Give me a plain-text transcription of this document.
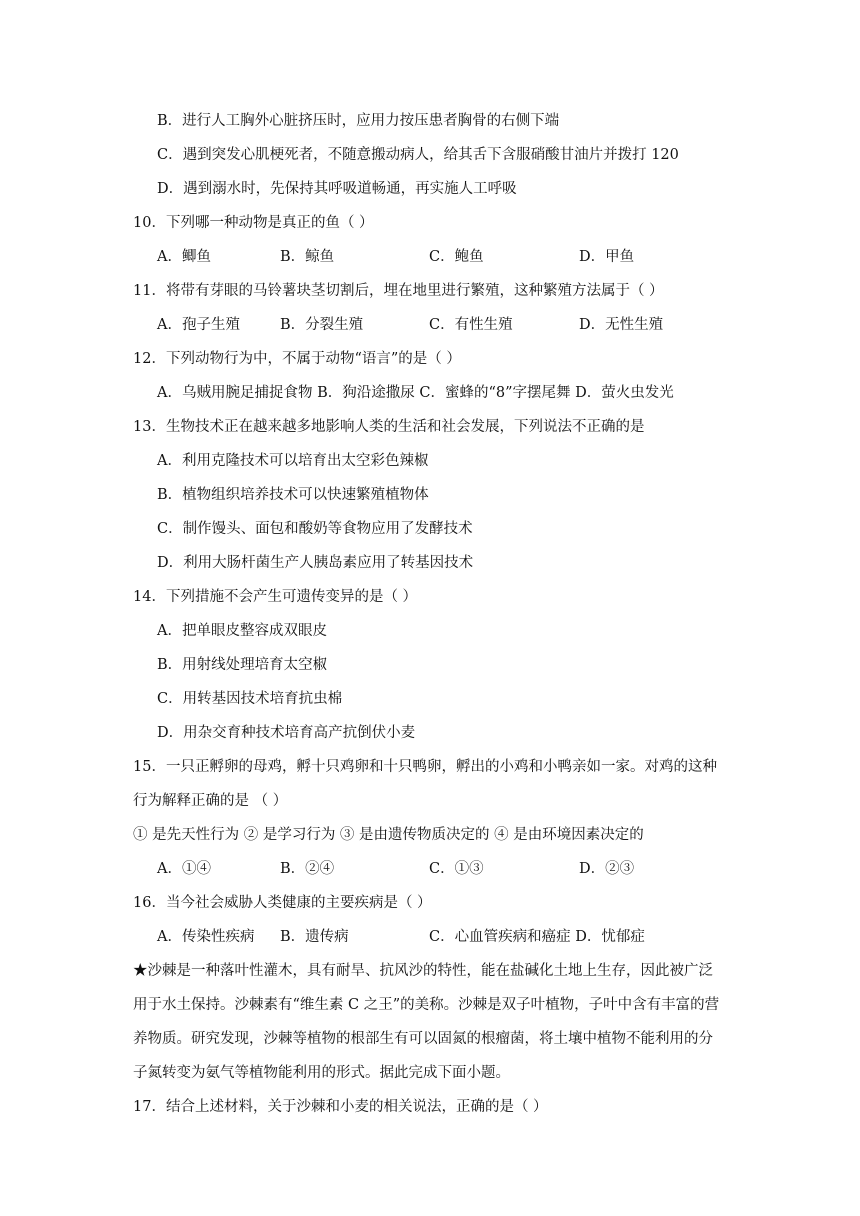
B．进行人工胸外心脏挤压时，应用力按压患者胸骨的右侧下端
C．遇到突发心肌梗死者，不随意搬动病人，给其舌下含服硝酸甘油片并拨打 120
D．遇到溺水时，先保持其呼吸道畅通，再实施人工呼吸
10．下列哪一种动物是真正的鱼（ ）
A．鲫鱼	B．鲸鱼	C．鲍鱼	D．甲鱼
11．将带有芽眼的马铃薯块茎切割后，埋在地里进行繁殖，这种繁殖方法属于（ ）
A．孢子生殖	B．分裂生殖	C．有性生殖	D．无性生殖
12．下列动物行为中，不属于动物“语言”的是（ ）
A．乌贼用腕足捕捉食物 B．狗沿途撒尿 C．蜜蜂的“8”字摆尾舞 D．萤火虫发光
13．生物技术正在越来越多地影响人类的生活和社会发展，下列说法不正确的是
A．利用克隆技术可以培育出太空彩色辣椒
B．植物组织培养技术可以快速繁殖植物体
C．制作馒头、面包和酸奶等食物应用了发酵技术
D．利用大肠杆菌生产人胰岛素应用了转基因技术
14．下列措施不会产生可遗传变异的是（ ）
A．把单眼皮整容成双眼皮
B．用射线处理培育太空椒
C．用转基因技术培育抗虫棉
D．用杂交育种技术培育高产抗倒伏小麦
15．一只正孵卵的母鸡，孵十只鸡卵和十只鸭卵，孵出的小鸡和小鸭亲如一家。对鸡的这种
行为解释正确的是 （ ）
① 是先天性行为 ② 是学习行为 ③ 是由遗传物质决定的 ④ 是由环境因素决定的
A．①④	B．②④	C．①③	D．②③
16．当今社会威胁人类健康的主要疾病是（ ）
A．传染性疾病 B．遗传病	C．心血管疾病和癌症 D．忧郁症
★沙棘是一种落叶性灌木，具有耐旱、抗风沙的特性，能在盐碱化土地上生存，因此被广泛
用于水土保持。沙棘素有“维生素 C 之王”的美称。沙棘是双子叶植物，子叶中含有丰富的营
养物质。研究发现，沙棘等植物的根部生有可以固氮的根瘤菌，将土壤中植物不能利用的分
子氮转变为氨气等植物能利用的形式。据此完成下面小题。
17．结合上述材料，关于沙棘和小麦的相关说法，正确的是（ ）
